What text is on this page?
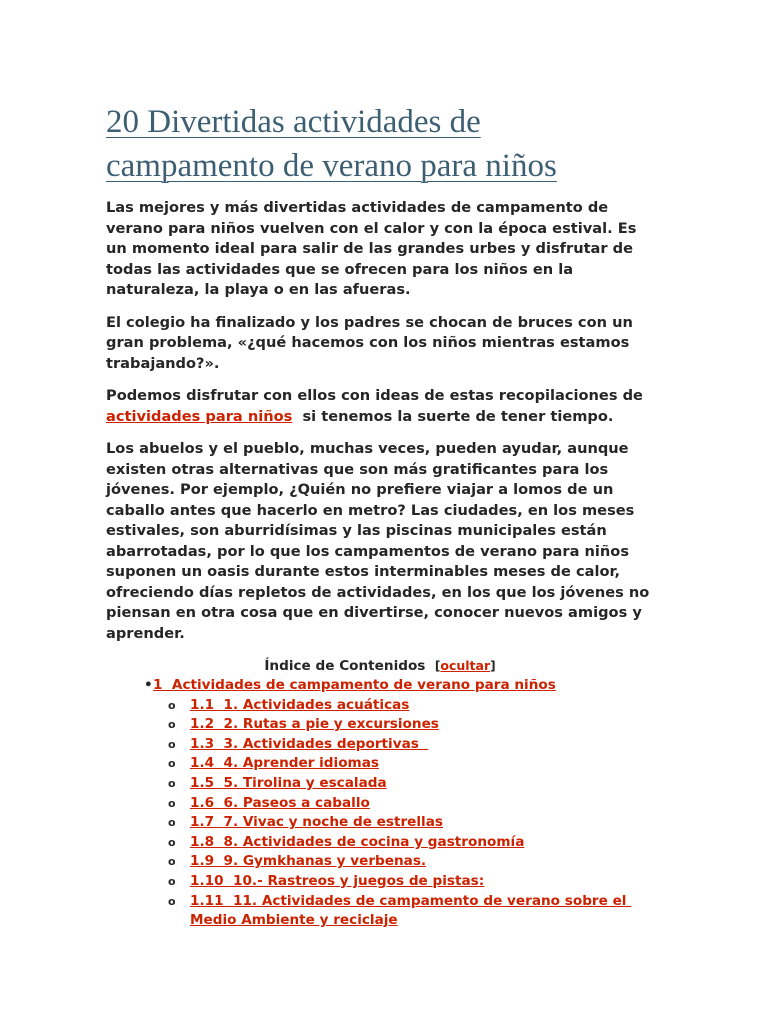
20 Divertidas actividades de
campamento de verano para niños

Las mejores y más divertidas actividades de campamento de verano para niños vuelven con el calor y con la época estival. Es un momento ideal para salir de las grandes urbes y disfrutar de todas las actividades que se ofrecen para los niños en la naturaleza, la playa o en las afueras.

El colegio ha finalizado y los padres se chocan de bruces con un gran problema, «¿qué hacemos con los niños mientras estamos trabajando?».

Podemos disfrutar con ellos con ideas de estas recopilaciones de  actividades para niños  si tenemos la suerte de tener tiempo.

Los abuelos y el pueblo, muchas veces, pueden ayudar, aunque existen otras alternativas que son más gratificantes para los jóvenes. Por ejemplo, ¿Quién no prefiere viajar a lomos de un caballo antes que hacerlo en metro? Las ciudades, en los meses estivales, son aburridísimas y las piscinas municipales están abarrotadas, por lo que los campamentos de verano para niños suponen un oasis durante estos interminables meses de calor, ofreciendo días repletos de actividades, en los que los jóvenes no piensan en otra cosa que en divertirse, conocer nuevos amigos y aprender.

Índice de Contenidos [ocultar]
• 1  Actividades de campamento de verano para niños
o 1.1  1. Actividades acuáticas
o 1.2  2. Rutas a pie y excursiones
o 1.3  3. Actividades deportivas
o 1.4  4. Aprender idiomas
o 1.5  5. Tirolina y escalada
o 1.6  6. Paseos a caballo
o 1.7  7. Vivac y noche de estrellas
o 1.8  8. Actividades de cocina y gastronomía
o 1.9  9. Gymkhanas y verbenas.
o 1.10  10.- Rastreos y juegos de pistas:
o 1.11  11. Actividades de campamento de verano sobre el Medio Ambiente y reciclaje
